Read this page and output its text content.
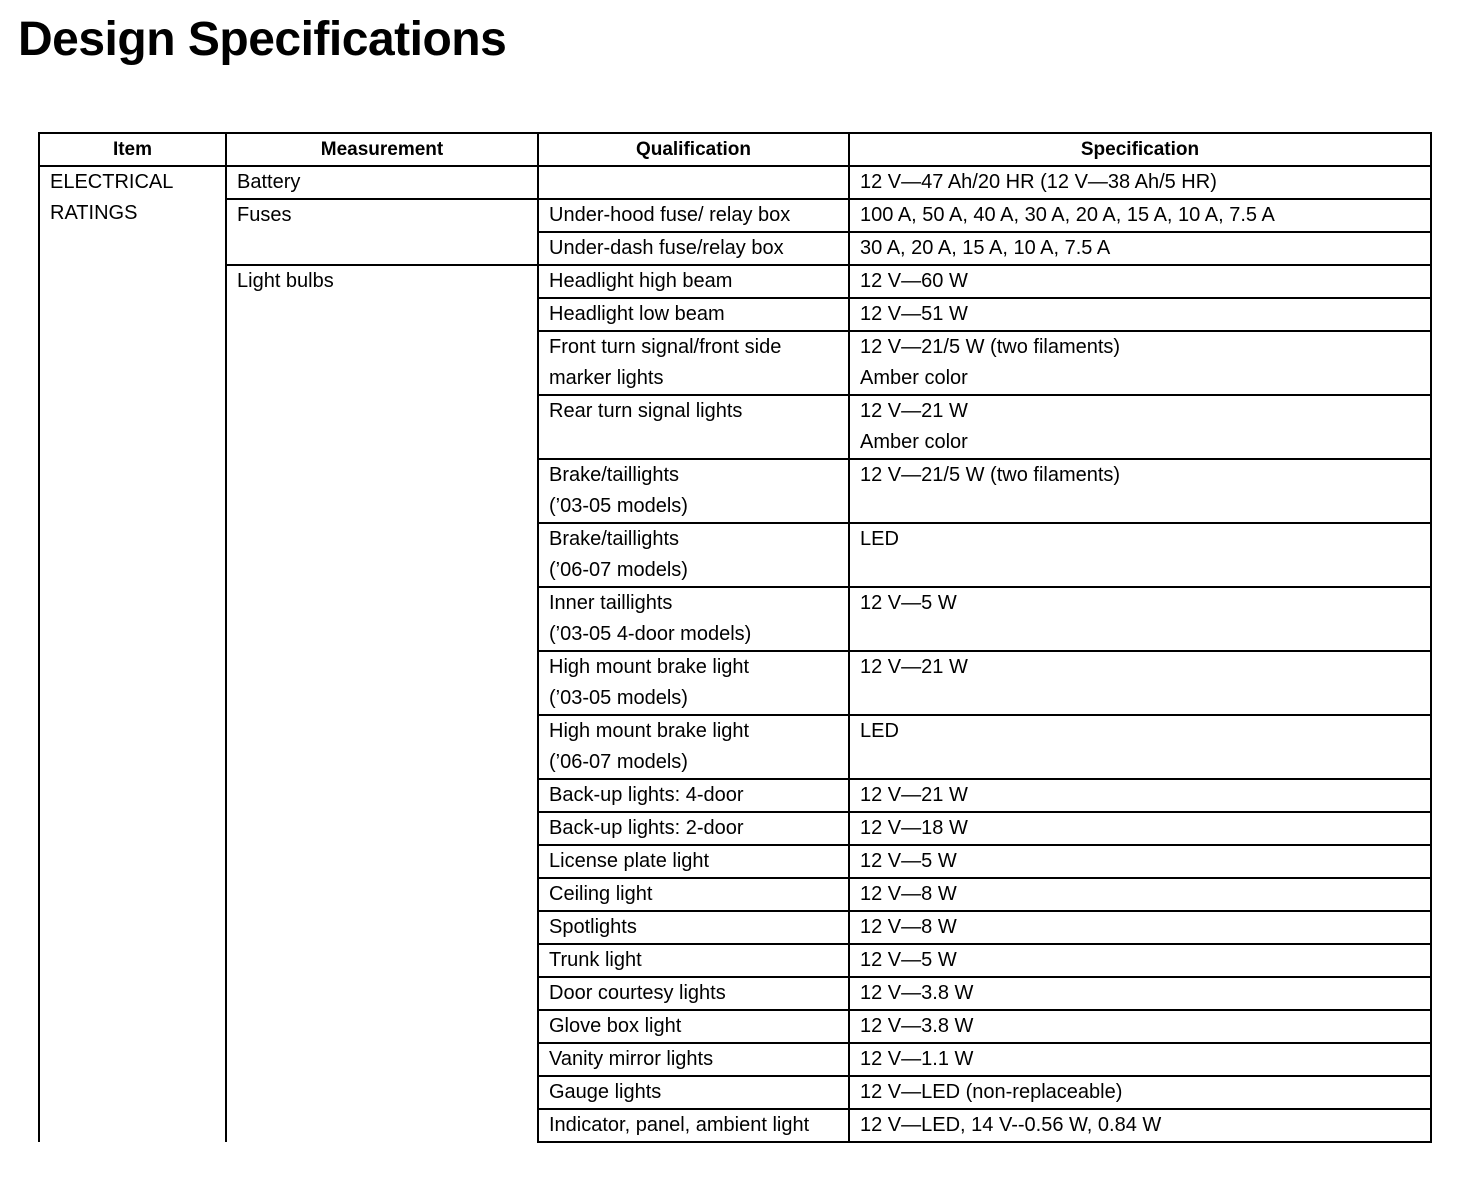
Design Specifications
Item	Measurement	Qualification	Specification

ELECTRICAL
RATINGS	Battery		12 V—47 Ah/20 HR (12 V—38 Ah/5 HR)

	Fuses	Under-hood fuse/ relay box	100 A, 50 A, 40 A, 30 A, 20 A, 15 A, 10 A, 7.5 A

		Under-dash fuse/relay box	30 A, 20 A, 15 A, 10 A, 7.5 A

	Light bulbs	Headlight high beam	12 V—60 W

		Headlight low beam	12 V—51 W

		Front turn signal/front side
marker lights	12 V—21/5 W (two filaments)
Amber color

		Rear turn signal lights	12 V—21 W
Amber color

		Brake/taillights
(’03-05 models)	12 V—21/5 W (two filaments)

		Brake/taillights
(’06-07 models)	LED

		Inner taillights
(’03-05 4-door models)	12 V—5 W

		High mount brake light
(’03-05 models)	12 V—21 W

		High mount brake light
(’06-07 models)	LED

		Back-up lights: 4-door	12 V—21 W

		Back-up lights: 2-door	12 V—18 W

		License plate light	12 V—5 W

		Ceiling light	12 V—8 W

		Spotlights	12 V—8 W

		Trunk light	12 V—5 W

		Door courtesy lights	12 V—3.8 W

		Glove box light	12 V—3.8 W

		Vanity mirror lights	12 V—1.1 W

		Gauge lights	12 V—LED (non-replaceable)

		Indicator, panel, ambient light	12 V—LED, 14 V--0.56 W, 0.84 W
